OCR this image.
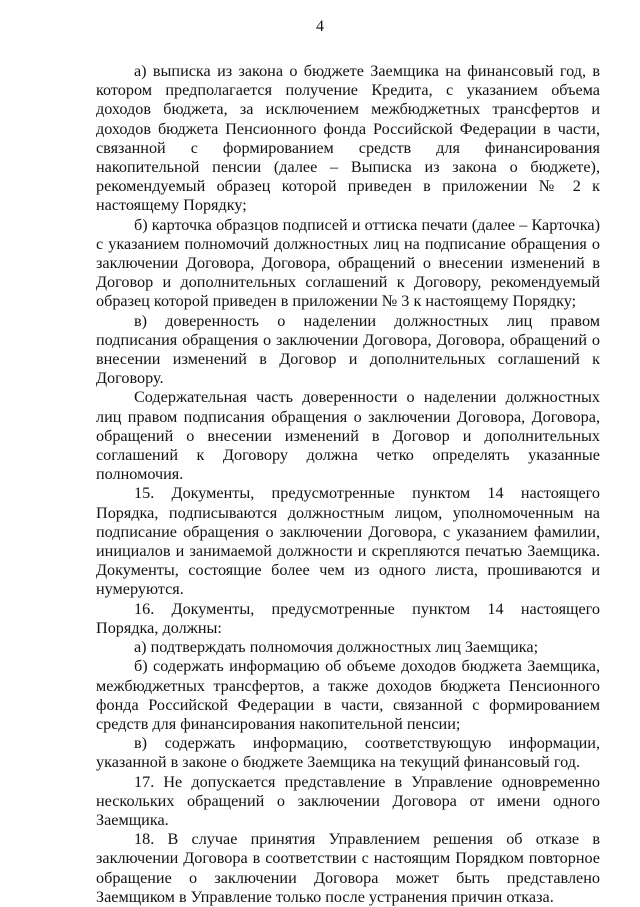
4

а) выписка из закона о бюджете Заемщика на финансовый год, в котором предполагается получение Кредита, с указанием объема доходов бюджета, за исключением межбюджетных трансфертов и доходов бюджета Пенсионного фонда Российской Федерации в части, связанной с формированием средств для финансирования накопительной пенсии (далее – Выписка из закона о бюджете), рекомендуемый образец которой приведен в приложении № 2 к настоящему Порядку;

б) карточка образцов подписей и оттиска печати (далее – Карточка) с указанием полномочий должностных лиц на подписание обращения о заключении Договора, Договора, обращений о внесении изменений в Договор и дополнительных соглашений к Договору, рекомендуемый образец которой приведен в приложении № 3 к настоящему Порядку;

в) доверенность о наделении должностных лиц правом подписания обращения о заключении Договора, Договора, обращений о внесении изменений в Договор и дополнительных соглашений к Договору.

Содержательная часть доверенности о наделении должностных лиц правом подписания обращения о заключении Договора, Договора, обращений о внесении изменений в Договор и дополнительных соглашений к Договору должна четко определять указанные полномочия.

15. Документы, предусмотренные пунктом 14 настоящего Порядка, подписываются должностным лицом, уполномоченным на подписание обращения о заключении Договора, с указанием фамилии, инициалов и занимаемой должности и скрепляются печатью Заемщика. Документы, состоящие более чем из одного листа, прошиваются и нумеруются.

16. Документы, предусмотренные пунктом 14 настоящего Порядка, должны:

а) подтверждать полномочия должностных лиц Заемщика;

б) содержать информацию об объеме доходов бюджета Заемщика, межбюджетных трансфертов, а также доходов бюджета Пенсионного фонда Российской Федерации в части, связанной с формированием средств для финансирования накопительной пенсии;

в) содержать информацию, соответствующую информации, указанной в законе о бюджете Заемщика на текущий финансовый год.

17. Не допускается представление в Управление одновременно нескольких обращений о заключении Договора от имени одного Заемщика.

18. В случае принятия Управлением решения об отказе в заключении Договора в соответствии с настоящим Порядком повторное обращение о заключении Договора может быть представлено Заемщиком в Управление только после устранения причин отказа.
